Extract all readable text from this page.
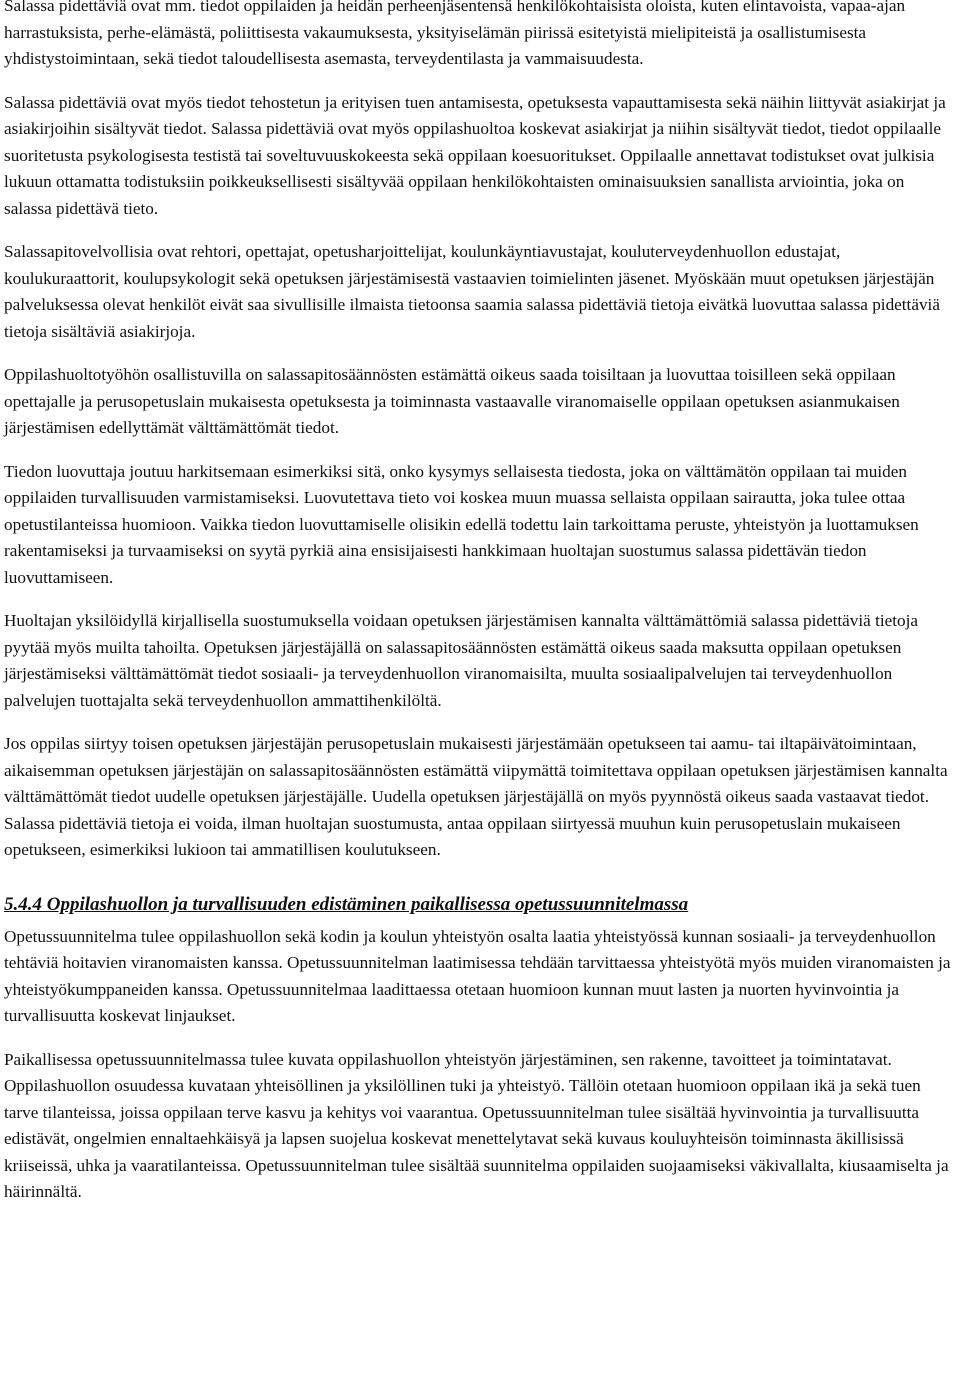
Salassa pidettäviä ovat mm. tiedot oppilaiden ja heidän perheenjäsentensä henkilökohtaisista oloista, kuten elintavoista, vapaa-ajan harrastuksista, perhe-elämästä, poliittisesta vakaumuksesta, yksityiselämän piirissä esitetyistä mielipiteistä ja osallistumisesta yhdistystoimintaan, sekä tiedot taloudellisesta asemasta, terveydentilasta ja vammaisuudesta.

Salassa pidettäviä ovat myös tiedot tehostetun ja erityisen tuen antamisesta, opetuksesta vapauttamisesta sekä näihin liittyvät asiakirjat ja asiakirjoihin sisältyvät tiedot. Salassa pidettäviä ovat myös oppilashuoltoa koskevat asiakirjat ja niihin sisältyvät tiedot, tiedot oppilaalle suoritetusta psykologisesta testistä tai soveltuvuuskokeesta sekä oppilaan koesuoritukset. Oppilaalle annettavat todistukset ovat julkisia lukuun ottamatta todistuksiin poikkeuksellisesti sisältyvää oppilaan henkilökohtaisten ominaisuuksien sanallista arviointia, joka on salassa pidettävä tieto.

Salassapitovelvollisia ovat rehtori, opettajat, opetusharjoittelijat, koulunkäyntiavustajat, kouluterveydenhuollon edustajat, koulukuraattorit, koulupsykologit sekä opetuksen järjestämisestä vastaavien toimielinten jäsenet. Myöskään muut opetuksen järjestäjän palveluksessa olevat henkilöt eivät saa sivullisille ilmaista tietoonsa saamia salassa pidettäviä tietoja eivätkä luovuttaa salassa pidettäviä tietoja sisältäviä asiakirjoja.

Oppilashuoltotyöhön osallistuvilla on salassapitosäännösten estämättä oikeus saada toisiltaan ja luovuttaa toisilleen sekä oppilaan opettajalle ja perusopetuslain mukaisesta opetuksesta ja toiminnasta vastaavalle viranomaiselle oppilaan opetuksen asianmukaisen järjestämisen edellyttämät välttämättömät tiedot.

Tiedon luovuttaja joutuu harkitsemaan esimerkiksi sitä, onko kysymys sellaisesta tiedosta, joka on välttämätön oppilaan tai muiden oppilaiden turvallisuuden varmistamiseksi. Luovutettava tieto voi koskea muun muassa sellaista oppilaan sairautta, joka tulee ottaa opetustilanteissa huomioon. Vaikka tiedon luovuttamiselle olisikin edellä todettu lain tarkoittama peruste, yhteistyön ja luottamuksen rakentamiseksi ja turvaamiseksi on syytä pyrkiä aina ensisijaisesti hankkimaan huoltajan suostumus salassa pidettävän tiedon luovuttamiseen.

Huoltajan yksilöidyllä kirjallisella suostumuksella voidaan opetuksen järjestämisen kannalta välttämättömiä salassa pidettäviä tietoja pyytää myös muilta tahoilta. Opetuksen järjestäjällä on salassapitosäännösten estämättä oikeus saada maksutta oppilaan opetuksen järjestämiseksi välttämättömät tiedot sosiaali- ja terveydenhuollon viranomaisilta, muulta sosiaalipalvelujen tai terveydenhuollon palvelujen tuottajalta sekä terveydenhuollon ammattihenkilöltä.

Jos oppilas siirtyy toisen opetuksen järjestäjän perusopetuslain mukaisesti järjestämään opetukseen tai aamu- tai iltapäivätoimintaan, aikaisemman opetuksen järjestäjän on salassapitosäännösten estämättä viipymättä toimitettava oppilaan opetuksen järjestämisen kannalta välttämättömät tiedot uudelle opetuksen järjestäjälle. Uudella opetuksen järjestäjällä on myös pyynnöstä oikeus saada vastaavat tiedot. Salassa pidettäviä tietoja ei voida, ilman huoltajan suostumusta, antaa oppilaan siirtyessä muuhun kuin perusopetuslain mukaiseen opetukseen, esimerkiksi lukioon tai ammatillisen koulutukseen.

5.4.4 Oppilashuollon ja turvallisuuden edistäminen paikallisessa opetussuunnitelmassa

Opetussuunnitelma tulee oppilashuollon sekä kodin ja koulun yhteistyön osalta laatia yhteistyössä kunnan sosiaali- ja terveydenhuollon tehtäviä hoitavien viranomaisten kanssa. Opetussuunnitelman laatimisessa tehdään tarvittaessa yhteistyötä myös muiden viranomaisten ja yhteistyökumppaneiden kanssa. Opetussuunnitelmaa laadittaessa otetaan huomioon kunnan muut lasten ja nuorten hyvinvointia ja turvallisuutta koskevat linjaukset.

Paikallisessa opetussuunnitelmassa tulee kuvata oppilashuollon yhteistyön järjestäminen, sen rakenne, tavoitteet ja toimintatavat. Oppilashuollon osuudessa kuvataan yhteisöllinen ja yksilöllinen tuki ja yhteistyö. Tällöin otetaan huomioon oppilaan ikä ja sekä tuen tarve tilanteissa, joissa oppilaan terve kasvu ja kehitys voi vaarantua. Opetussuunnitelman tulee sisältää hyvinvointia ja turvallisuutta edistävät, ongelmien ennaltaehkäisyä ja lapsen suojelua koskevat menettelytavat sekä kuvaus kouluyhteisön toiminnasta äkillisissä kriiseissä, uhka ja vaaratilanteissa. Opetussuunnitelman tulee sisältää suunnitelma oppilaiden suojaamiseksi väkivallalta, kiusaamiselta ja häirinnältä.
